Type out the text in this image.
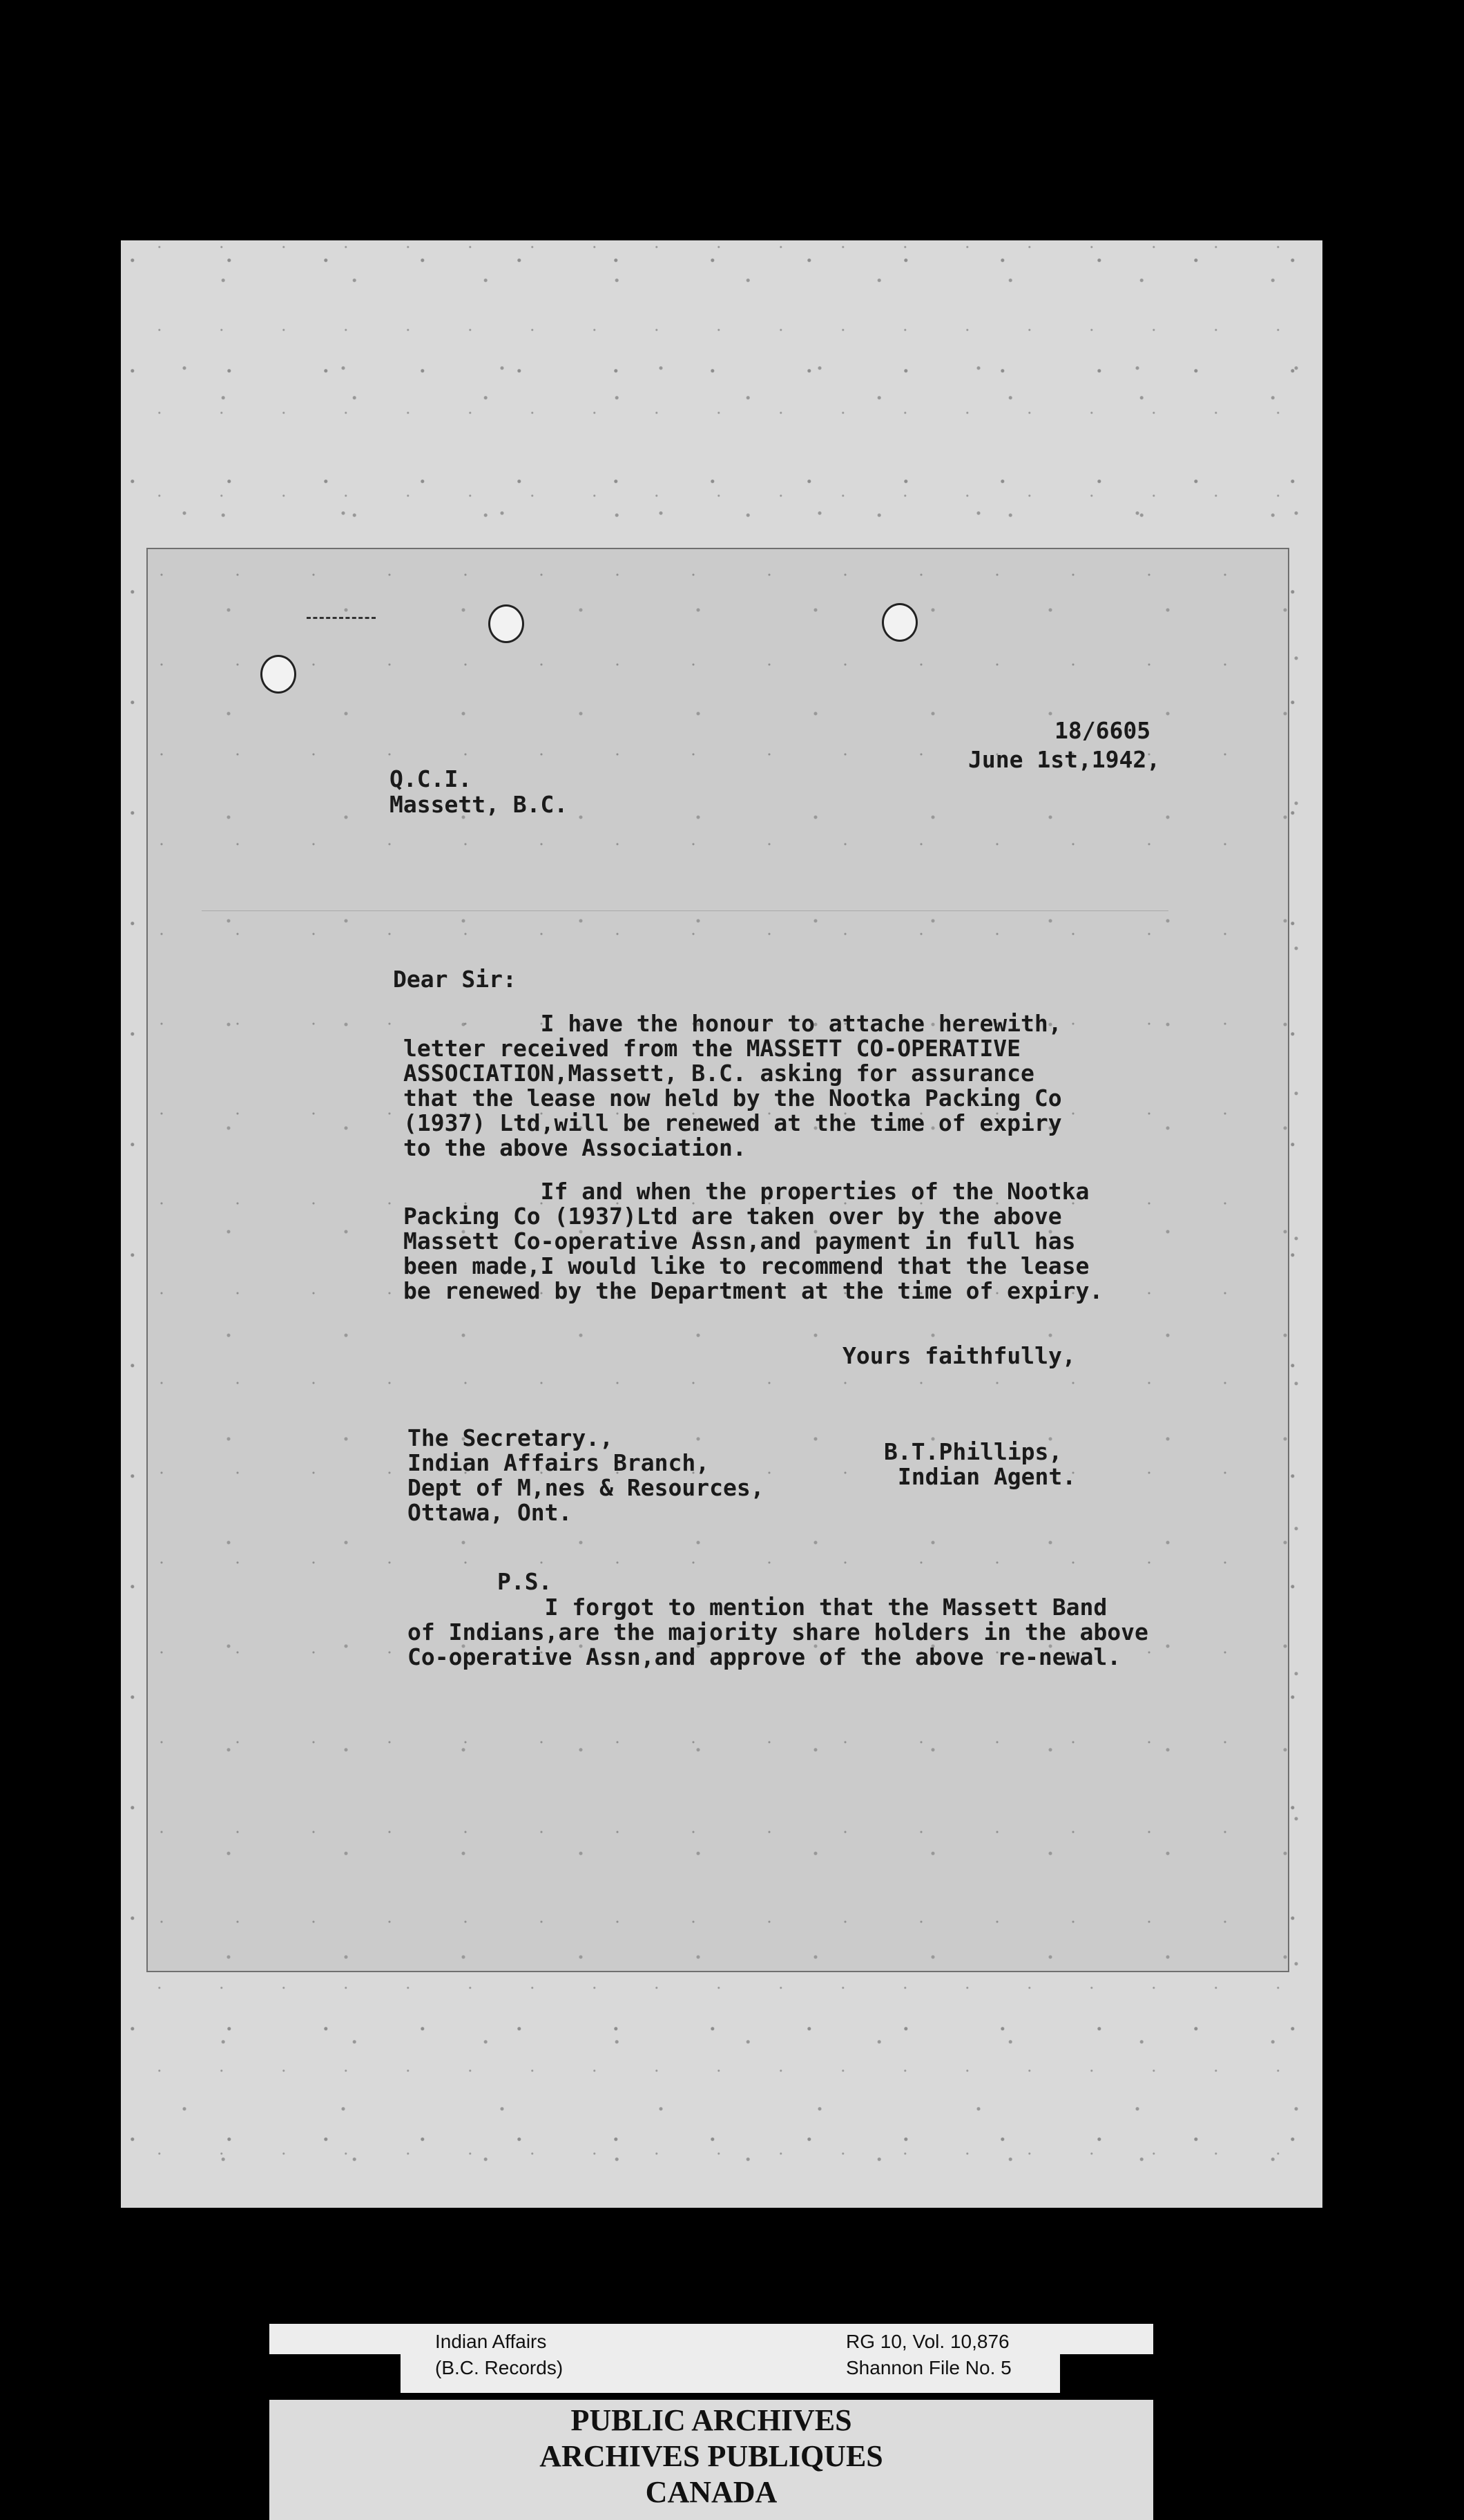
18/6605
June 1st,1942,
Q.C.I.
Massett, B.C.
Dear Sir:
I have the honour to attache herewith,
letter received from the MASSETT CO-OPERATIVE
ASSOCIATION,Massett, B.C. asking for assurance
that the lease now held by the Nootka Packing Co
(1937) Ltd,will be renewed at the time of expiry
to the above Association.
If and when the properties of the Nootka
Packing Co (1937)Ltd are taken over by the above
Massett Co-operative Assn,and payment in full has
been made,I would like to recommend that the lease
be renewed by the Department at the time of expiry.
Yours faithfully,
The Secretary.,
Indian Affairs Branch,
Dept of M,nes & Resources,
Ottawa, Ont.
B.T.Phillips,
Indian Agent.
P.S.
I forgot to mention that the Massett Band
of Indians,are the majority share holders in the above
Co-operative Assn,and approve of the above re-newal.
Indian Affairs
(B.C. Records)
RG 10, Vol. 10,876
Shannon File No. 5
PUBLIC ARCHIVES
ARCHIVES PUBLIQUES
CANADA
